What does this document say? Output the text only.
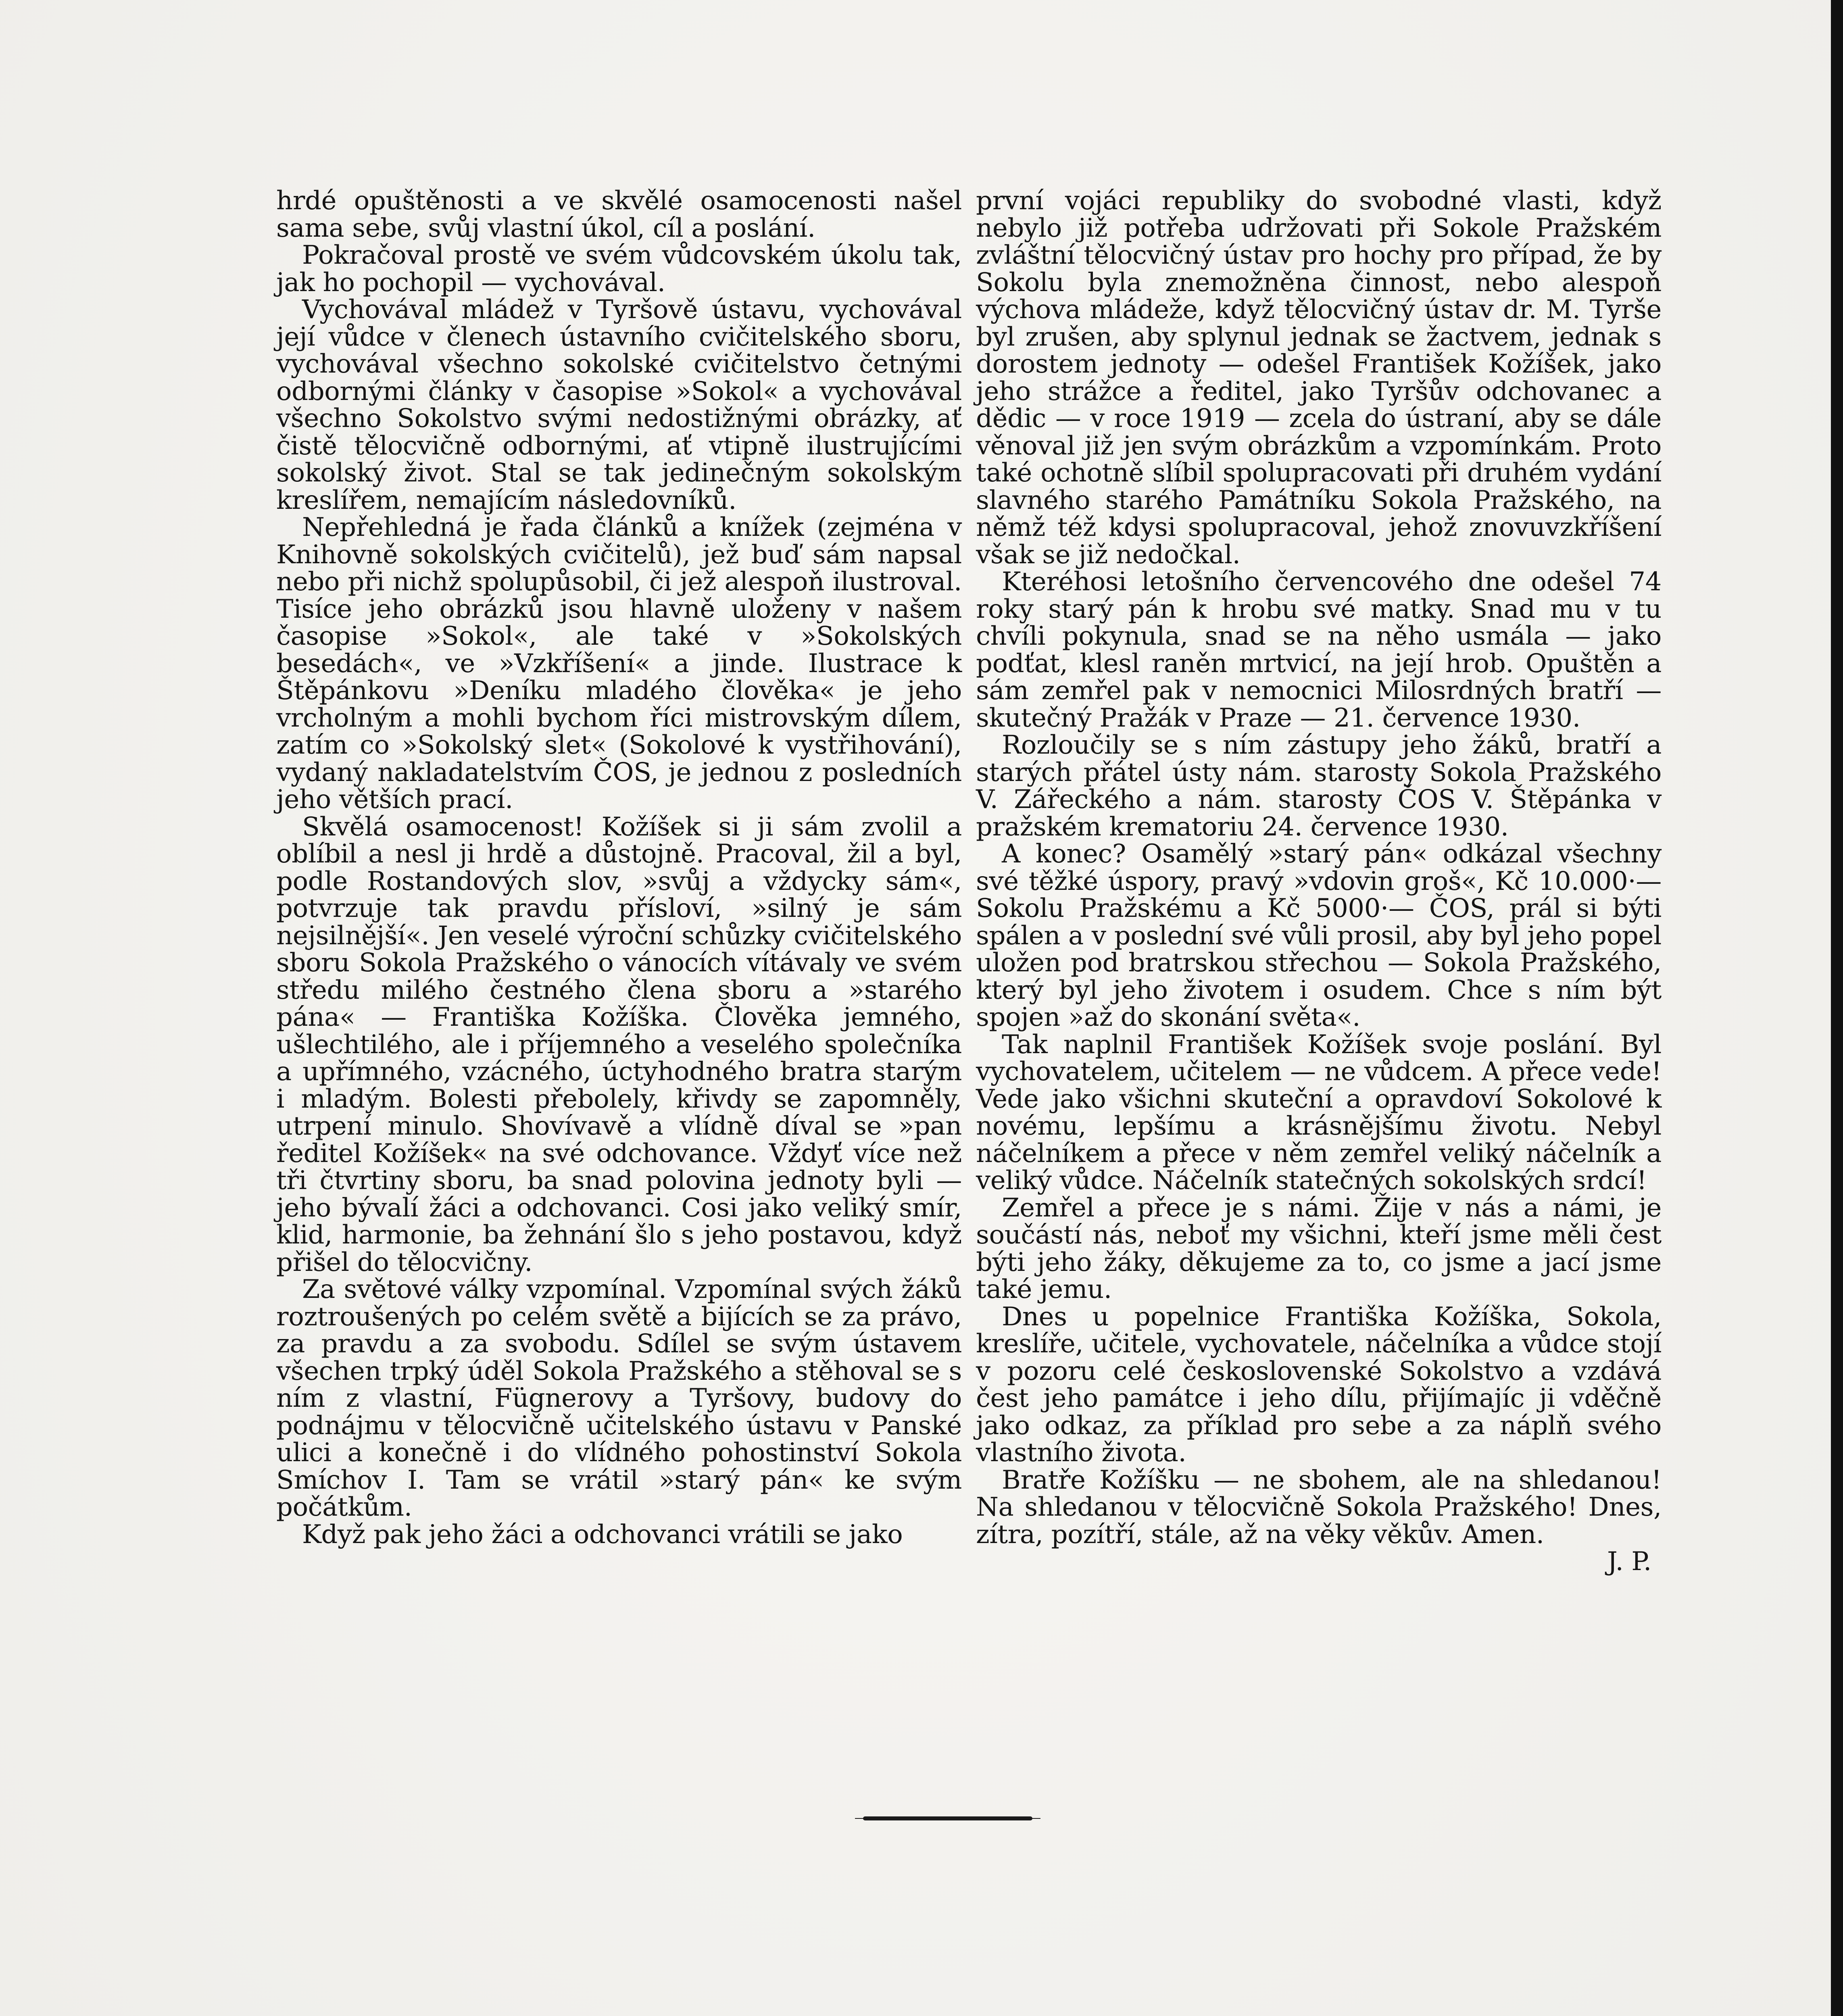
hrdé opuštěnosti a ve skvělé osamocenosti našel sama sebe, svůj vlastní úkol, cíl a poslání.

Pokračoval prostě ve svém vůdcovském úkolu tak, jak ho pochopil — vychovával.

Vychovával mládež v Tyršově ústavu, vychovával její vůdce v členech ústavního cvičitelského sboru, vychovával všechno sokolské cvičitelstvo četnými odbornými články v časopise »Sokol« a vychovával všechno Sokolstvo svými nedostižnými obrázky, ať čistě tělocvičně odbornými, ať vtipně ilustrujícími sokolský život. Stal se tak jedinečným sokolským kreslířem, nemajícím následovníků.

Nepřehledná je řada článků a knížek (zejména v Knihovně sokolských cvičitelů), jež buď sám napsal nebo při nichž spolupůsobil, či jež alespoň ilustroval. Tisíce jeho obrázků jsou hlavně uloženy v našem časopise »Sokol«, ale také v »Sokolských besedách«, ve »Vzkříšení« a jinde. Ilustrace k Štěpánkovu »Deníku mladého člověka« je jeho vrcholným a mohli bychom říci mistrovským dílem, zatím co »Sokolský slet« (Sokolové k vystřihování), vydaný nakladatelstvím ČOS, je jednou z posledních jeho větších prací.

Skvělá osamocenost! Kožíšek si ji sám zvolil a oblíbil a nesl ji hrdě a důstojně. Pracoval, žil a byl, podle Rostandových slov, »svůj a vždycky sám«, potvrzuje tak pravdu přísloví, »silný je sám nejsilnější«. Jen veselé výroční schůzky cvičitelského sboru Sokola Pražského o vánocích vítávaly ve svém středu milého čestného člena sboru a »starého pána« — Františka Kožíška. Člověka jemného, ušlechtilého, ale i příjemného a veselého společníka a upřímného, vzácného, úctyhodného bratra starým i mladým. Bolesti přebolely, křivdy se zapomněly, utrpení minulo. Shovívavě a vlídně díval se »pan ředitel Kožíšek« na své odchovance. Vždyť více než tři čtvrtiny sboru, ba snad polovina jednoty byli — jeho bývalí žáci a odchovanci. Cosi jako veliký smír, klid, harmonie, ba žehnání šlo s jeho postavou, když přišel do tělocvičny.

Za světové války vzpomínal. Vzpomínal svých žáků roztroušených po celém světě a bijících se za právo, za pravdu a za svobodu. Sdílel se svým ústavem všechen trpký úděl Sokola Pražského a stěhoval se s ním z vlastní, Fügnerovy a Tyršovy, budovy do podnájmu v tělocvičně učitelského ústavu v Panské ulici a konečně i do vlídného pohostinství Sokola Smíchov I. Tam se vrátil »starý pán« ke svým počátkům.

Když pak jeho žáci a odchovanci vrátili se jako

první vojáci republiky do svobodné vlasti, když nebylo již potřeba udržovati při Sokole Pražském zvláštní tělocvičný ústav pro hochy pro případ, že by Sokolu byla znemožněna činnost, nebo alespoň výchova mládeže, když tělocvičný ústav dr. M. Tyrše byl zrušen, aby splynul jednak se žactvem, jednak s dorostem jednoty — odešel František Kožíšek, jako jeho strážce a ředitel, jako Tyršův odchovanec a dědic — v roce 1919 — zcela do ústraní, aby se dále věnoval již jen svým obrázkům a vzpomínkám. Proto také ochotně slíbil spolupracovati při druhém vydání slavného starého Památníku Sokola Pražského, na němž též kdysi spolupracoval, jehož znovuvzkříšení však se již nedočkal.

Kteréhosi letošního červencového dne odešel 74 roky starý pán k hrobu své matky. Snad mu v tu chvíli pokynula, snad se na něho usmála — jako podťat, klesl raněn mrtvicí, na její hrob. Opuštěn a sám zemřel pak v nemocnici Milosrdných bratří — skutečný Pražák v Praze — 21. července 1930.

Rozloučily se s ním zástupy jeho žáků, bratří a starých přátel ústy nám. starosty Sokola Pražského V. Zářeckého a nám. starosty ČOS V. Štěpánka v pražském krematoriu 24. července 1930.

A konec? Osamělý »starý pán« odkázal všechny své těžké úspory, pravý »vdovin groš«, Kč 10.000·— Sokolu Pražskému a Kč 5000·— ČOS, prál si býti spálen a v poslední své vůli prosil, aby byl jeho popel uložen pod bratrskou střechou — Sokola Pražského, který byl jeho životem i osudem. Chce s ním být spojen »až do skonání světa«.

Tak naplnil František Kožíšek svoje poslání. Byl vychovatelem, učitelem — ne vůdcem. A přece vede! Vede jako všichni skuteční a opravdoví Sokolové k novému, lepšímu a krásnějšímu životu. Nebyl náčelníkem a přece v něm zemřel veliký náčelník a veliký vůdce. Náčelník statečných sokolských srdcí!

Zemřel a přece je s námi. Žije v nás a námi, je součástí nás, neboť my všichni, kteří jsme měli čest býti jeho žáky, děkujeme za to, co jsme a jací jsme také jemu.

Dnes u popelnice Františka Kožíška, Sokola, kreslíře, učitele, vychovatele, náčelníka a vůdce stojí v pozoru celé československé Sokolstvo a vzdává čest jeho památce i jeho dílu, přijímajíc ji vděčně jako odkaz, za příklad pro sebe a za náplň svého vlastního života.

Bratře Kožíšku — ne sbohem, ale na shledanou! Na shledanou v tělocvičně Sokola Pražského! Dnes, zítra, pozítří, stále, až na věky věkův. Amen.

J. P.
